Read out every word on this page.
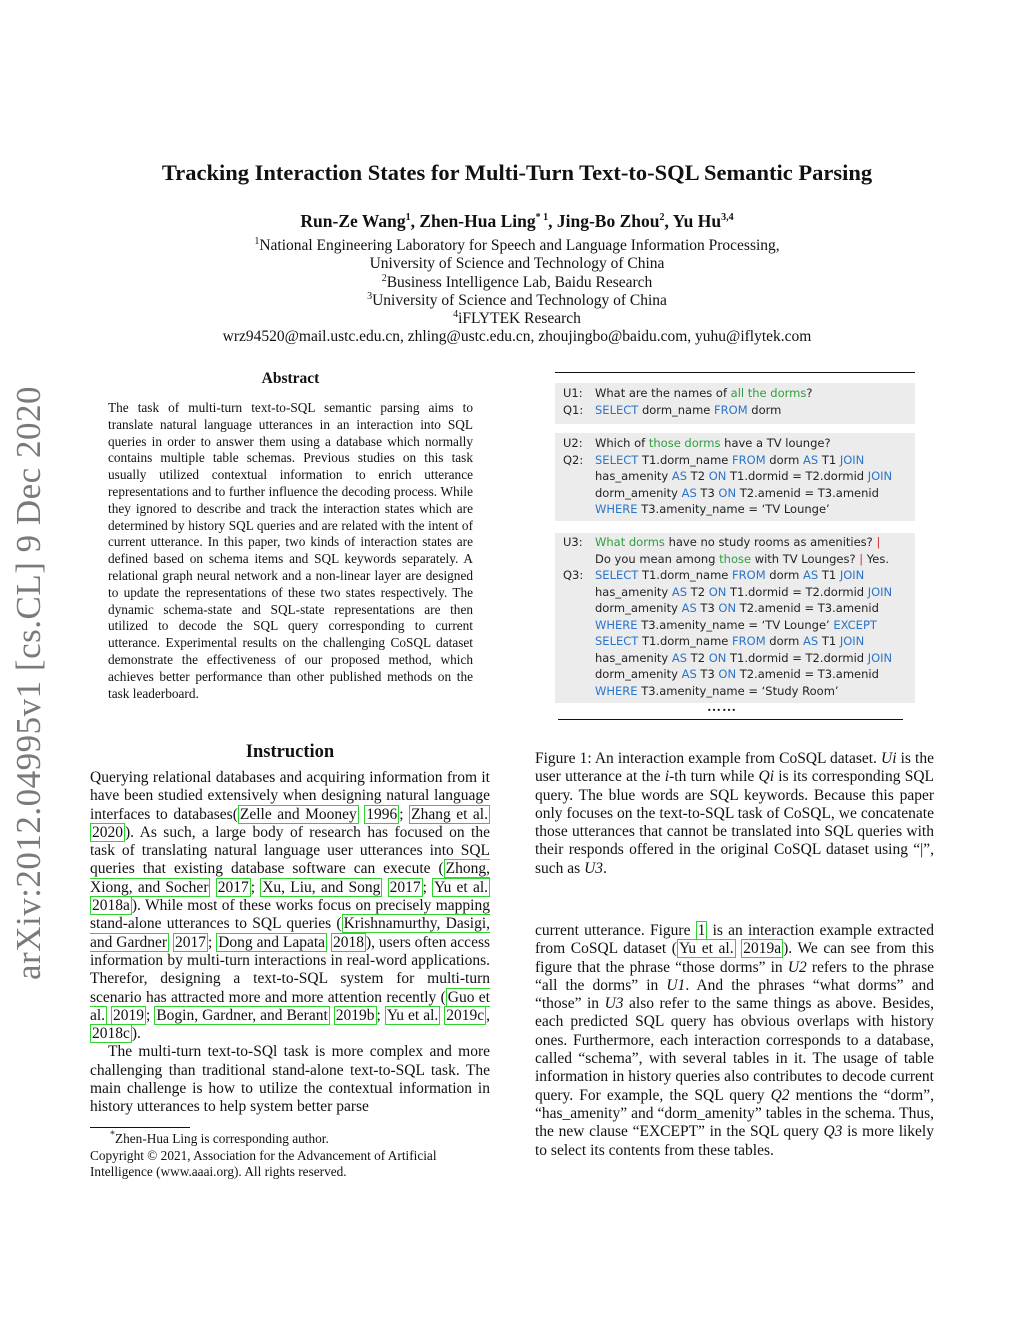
arXiv:2012.04995v1 [cs.CL] 9 Dec 2020
Tracking Interaction States for Multi-Turn Text-to-SQL Semantic Parsing
Run-Ze Wang$^1$, Zhen-Hua Ling$^{* 1}$, Jing-Bo Zhou$^2$, Yu Hu$^{3,4}$
$^1$National Engineering Laboratory for Speech and Language Information Processing,
University of Science and Technology of China
$^2$Business Intelligence Lab, Baidu Research
$^3$University of Science and Technology of China
$^4$iFLYTEK Research
wrz94520@mail.ustc.edu.cn, zhling@ustc.edu.cn, zhoujingbo@baidu.com, yuhu@iflytek.com
Abstract
The task of multi-turn text-to-SQL semantic parsing aims to translate natural language utterances in an interaction into SQL queries in order to answer them using a database which normally contains multiple table schemas. Previous studies on this task usually utilized contextual information to enrich utterance representations and to further influence the decoding process. While they ignored to describe and track the interaction states which are determined by history SQL queries and are related with the intent of current utterance. In this paper, two kinds of interaction states are defined based on schema items and SQL keywords separately. A relational graph neural network and a non-linear layer are designed to update the representations of these two states respectively. The dynamic schema-state and SQL-state representations are then utilized to decode the SQL query corresponding to current utterance. Experimental results on the challenging CoSQL dataset demonstrate the effectiveness of our proposed method, which achieves better performance than other published methods on the task leaderboard.
Instruction
Querying relational databases and acquiring information from it have been studied extensively when designing natural language interfaces to databases( Zelle and Mooney 1996 ; Zhang et al. 2020 ). As such, a large body of research has focused on the task of translating natural language user utterances into SQL queries that existing database software can execute ( Zhong, Xiong, and Socher 2017 ; Xu, Liu, and Song 2017 ; Yu et al. 2018a ). While most of these works focus on precisely mapping stand-alone utterances to SQL queries ( Krishnamurthy, Dasigi, and Gardner 2017 ; Dong and Lapata 2018 ), users often access information by multi-turn interactions in real-word applications. Therefor, designing a text-to-SQL system for multi-turn scenario has attracted more and more attention recently ( Guo et al. 2019 ; Bogin, Gardner, and Berant 2019b ; Yu et al. 2019c , 2018c ).
The multi-turn text-to-SQl task is more complex and more challenging than traditional stand-alone text-to-SQL task. The main challenge is how to utilize the contextual information in history utterances to help system better parse
*Zhen-Hua Ling is corresponding author.
Copyright © 2021, Association for the Advancement of Artificial Intelligence (www.aaai.org). All rights reserved.
U1:	What are the names of all the dorms?
Q1:	SELECT dorm_name FROM dorm
U2:	Which of those dorms have a TV lounge?
Q2:	SELECT T1.dorm_name FROM dorm AS T1 JOIN
has_amenity AS T2 ON T1.dormid = T2.dormid JOIN
dorm_amenity AS T3 ON T2.amenid = T3.amenid
WHERE T3.amenity_name = ‘TV Lounge’
U3:	What dorms have no study rooms as amenities? |
Do you mean among those with TV Lounges? | Yes.
Q3:	SELECT T1.dorm_name FROM dorm AS T1 JOIN
has_amenity AS T2 ON T1.dormid = T2.dormid JOIN
dorm_amenity AS T3 ON T2.amenid = T3.amenid
WHERE T3.amenity_name = ‘TV Lounge’ EXCEPT
SELECT T1.dorm_name FROM dorm AS T1 JOIN
has_amenity AS T2 ON T1.dormid = T2.dormid JOIN
dorm_amenity AS T3 ON T2.amenid = T3.amenid
WHERE T3.amenity_name = ‘Study Room’
……
Figure 1: An interaction example from CoSQL dataset. Ui is the user utterance at the i-th turn while Qi is its corresponding SQL query. The blue words are SQL keywords. Because this paper only focuses on the text-to-SQL task of CoSQL, we concatenate those utterances that cannot be translated into SQL queries with their responds offered in the original CoSQL dataset using “|”, such as U3.
current utterance. Figure 1 is an interaction example extracted from CoSQL dataset ( Yu et al. 2019a ). We can see from this figure that the phrase “those dorms” in U2 refers to the phrase “all the dorms” in U1. And the phrases “what dorms” and “those” in U3 also refer to the same things as above. Besides, each predicted SQL query has obvious overlaps with history ones. Furthermore, each interaction corresponds to a database, called “schema”, with several tables in it. The usage of table information in history queries also contributes to decode current query. For example, the SQL query Q2 mentions the “dorm”, “has_amenity” and “dorm_amenity” tables in the schema. Thus, the new clause “EXCEPT” in the SQL query Q3 is more likely to select its contents from these tables.
